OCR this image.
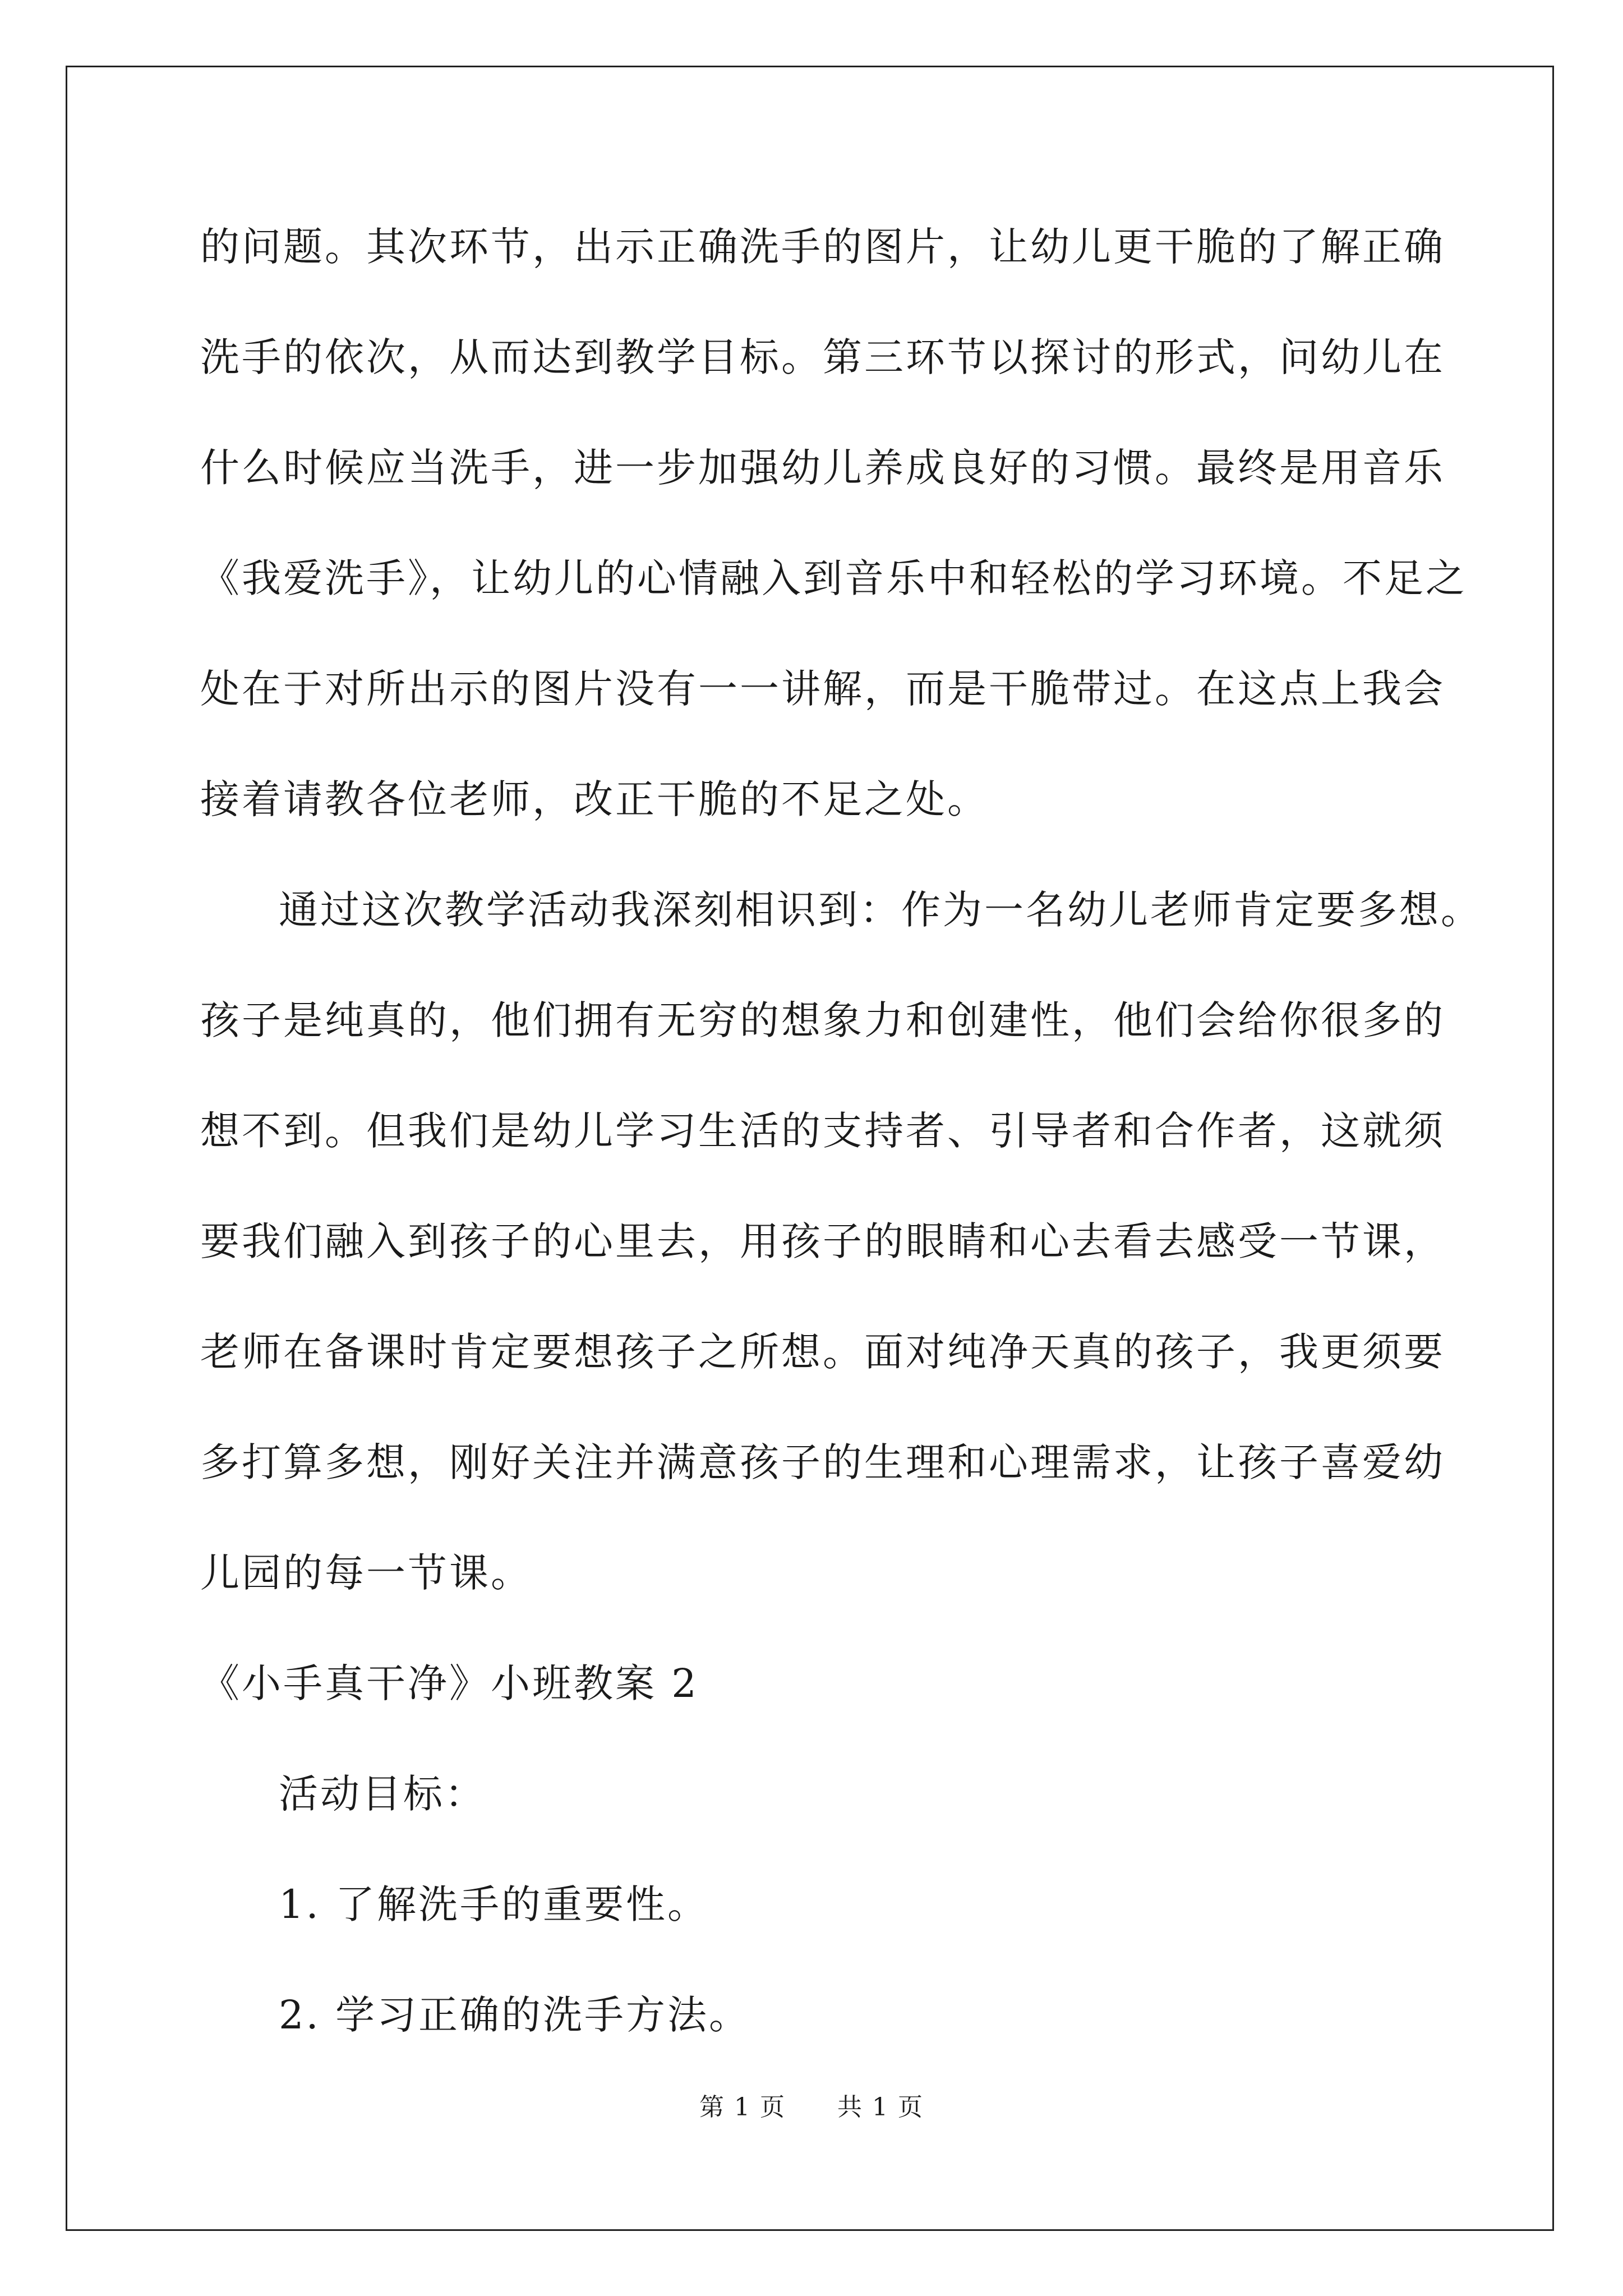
的问题。其次环节，出示正确洗手的图片，让幼儿更干脆的了解正确
洗手的依次，从而达到教学目标。第三环节以探讨的形式，问幼儿在
什么时候应当洗手，进一步加强幼儿养成良好的习惯。最终是用音乐
《我爱洗手》，让幼儿的心情融入到音乐中和轻松的学习环境。不足之
处在于对所出示的图片没有一一讲解，而是干脆带过。在这点上我会
接着请教各位老师，改正干脆的不足之处。
通过这次教学活动我深刻相识到：作为一名幼儿老师肯定要多想。
孩子是纯真的，他们拥有无穷的想象力和创建性，他们会给你很多的
想不到。但我们是幼儿学习生活的支持者、引导者和合作者，这就须
要我们融入到孩子的心里去，用孩子的眼睛和心去看去感受一节课，
老师在备课时肯定要想孩子之所想。面对纯净天真的孩子，我更须要
多打算多想，刚好关注并满意孩子的生理和心理需求，让孩子喜爱幼
儿园的每一节课。
《小手真干净》小班教案 2
活动目标：
1. 了解洗手的重要性。
2. 学习正确的洗手方法。
第 1 页 共 1 页
